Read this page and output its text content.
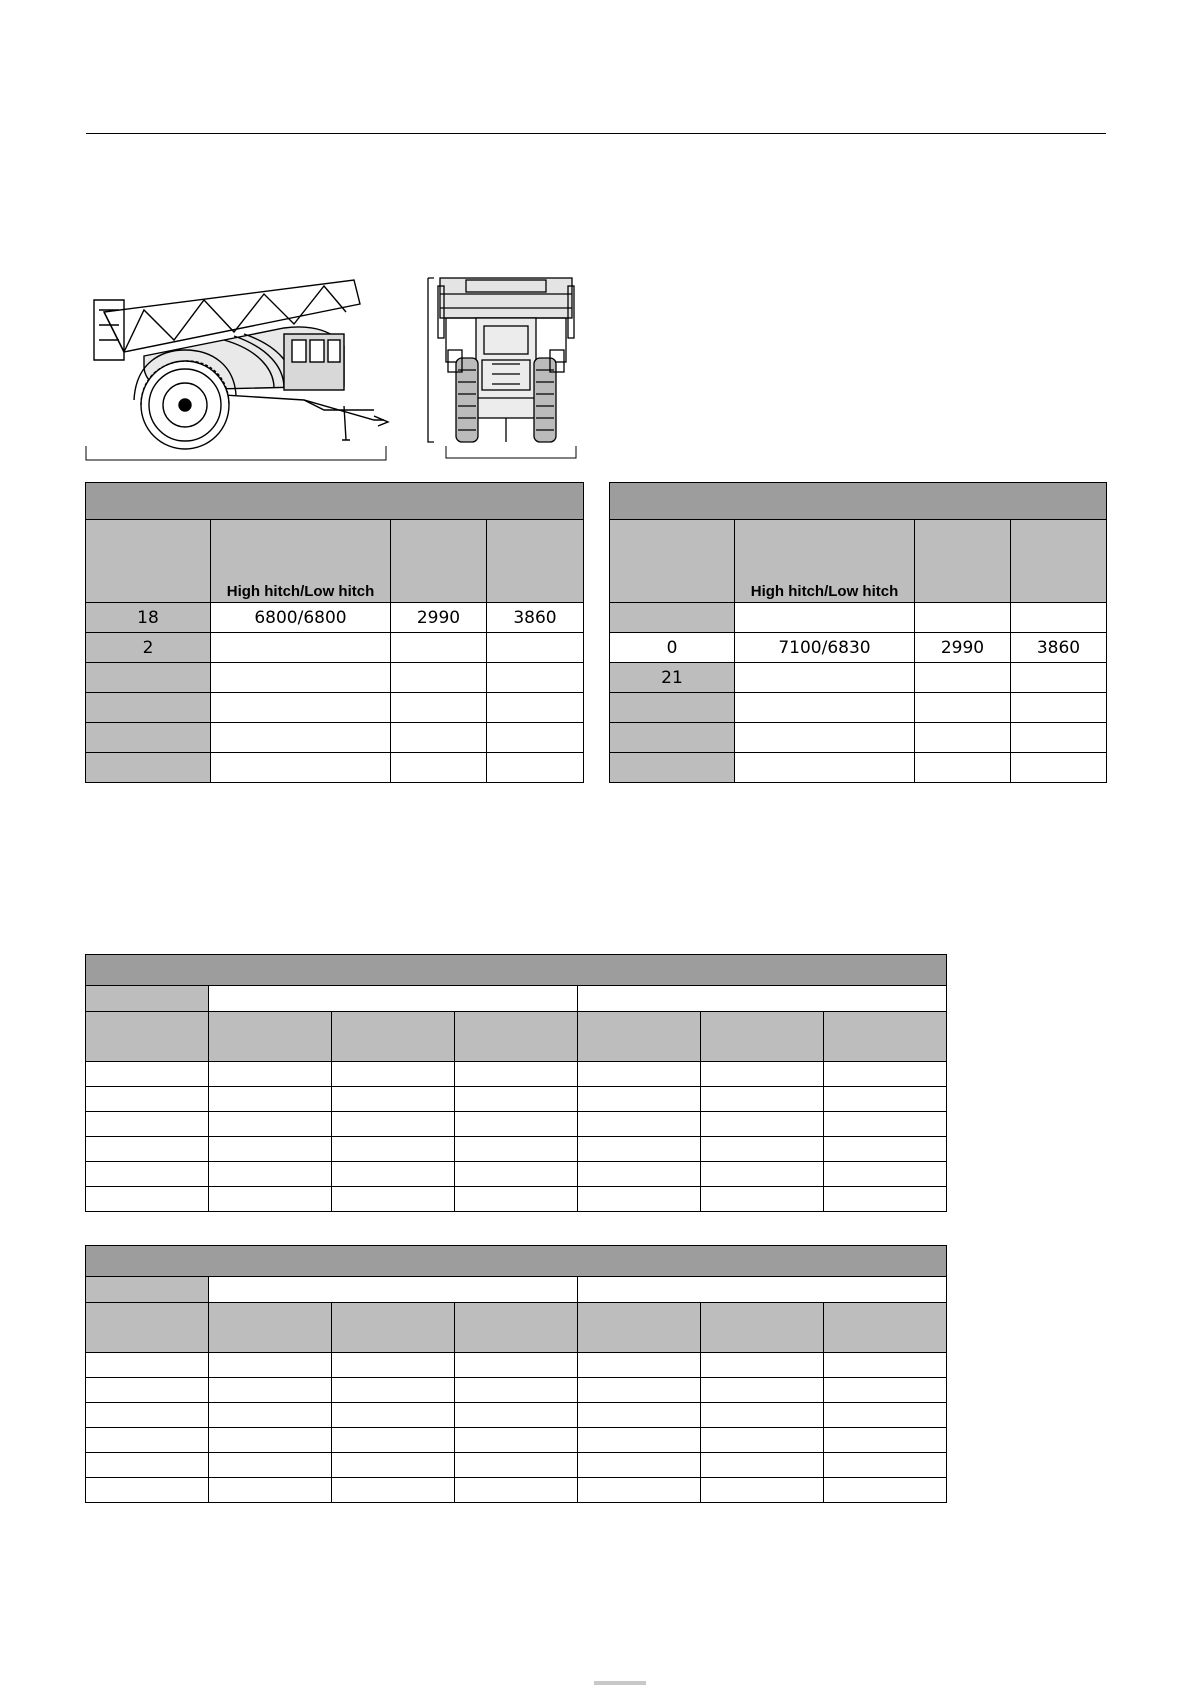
	High hitch/Low hitch		
18	6800/6800	2990	3860
2			

	High hitch/Low hitch		

0	7100/6830	2990	3860
21			
